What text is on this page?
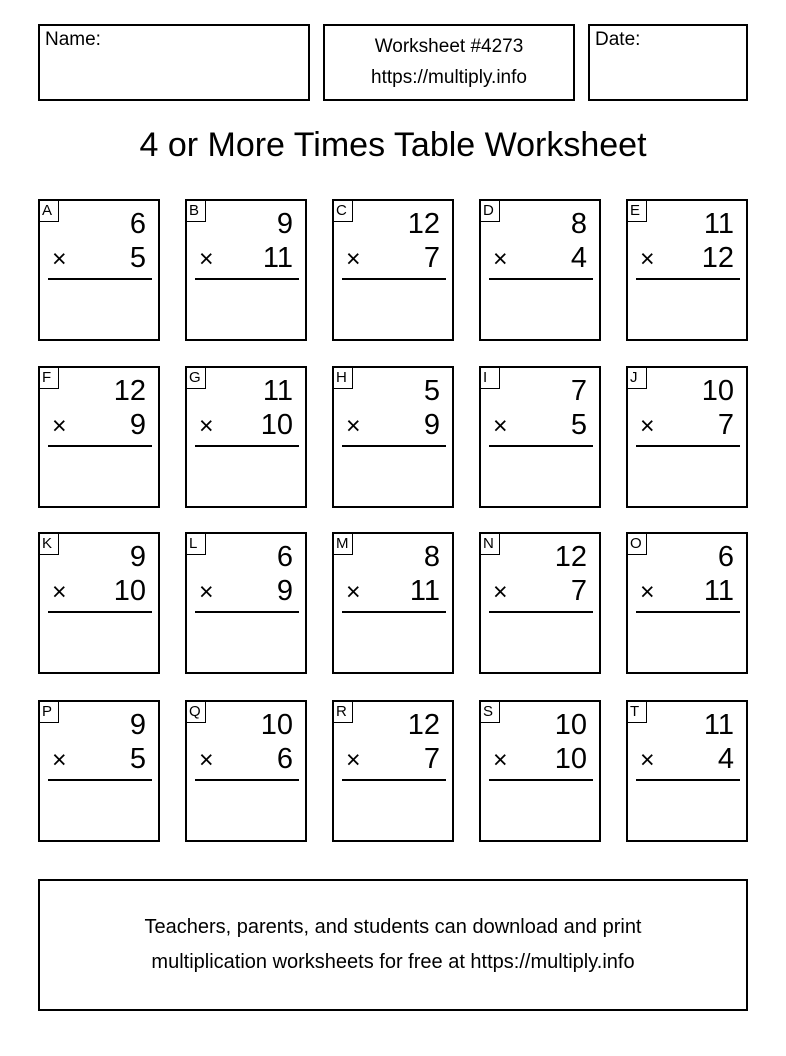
Name:	Worksheet #4273
https://multiply.info
Date:
4 or More Times Table Worksheet
A	6
× 5
B	9
× 11
C 12
× 7
D	8
× 4
E 11
× 12
F 12
× 9
G 11
× 10
H	5
× 9
I	7
× 5
J	10
× 7
K	9
× 10
L	6
× 9
M	8
× 11
N 12
× 7
O	6
× 11
P	9
× 5
Q 10
× 6
R 12
× 7
S 10
× 10
T 11
× 4
Teachers, parents, and students can download and print
multiplication worksheets for free at https://multiply.info
